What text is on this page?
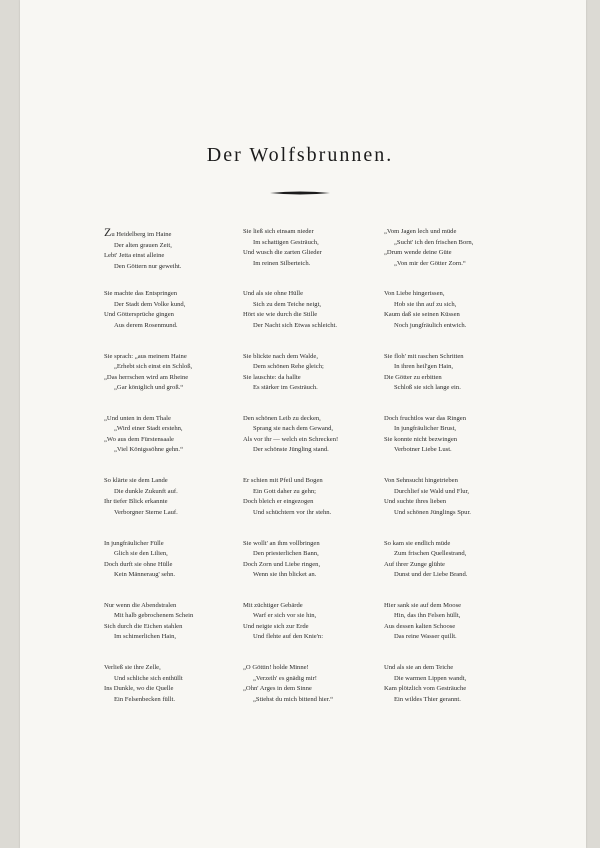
Der Wolfsbrunnen.
Zu Heidelberg im Haine
Der alten grauen Zeit,
Lebt' Jetta einst alleine
Den Göttern nur geweiht.
Sie machte das Entspringen
Der Stadt dem Volke kund,
Und Göttersprüche gingen
Aus derem Rosenmund.
Sie sprach: „aus meinem Haine
„Erhebt sich einst ein Schloß,
„Das herrschen wird am Rheine
„Gar königlich und groß.“
„Und unten in dem Thale
„Wird einer Stadt erstehn,
„Wo aus dem Fürstensaale
„Viel Königssöhne gehn.“
So klärte sie dem Lande
Die dunkle Zukunft auf.
Ihr tiefer Blick erkannte
Verborgner Sterne Lauf.
In jungfräulicher Fülle
Glich sie den Lilien,
Doch durft sie ohne Hülle
Kein Männeraug' sehn.
Nur wenn die Abendstralen
Mit halb gebrochenem Schein
Sich durch die Eichen stahlen
Im schimerlichen Hain,
Verließ sie ihre Zelle,
Und schliche sich enthüllt
Ins Dunkle, wo die Quelle
Ein Felsenbecken füllt.
Sie ließ sich einsam nieder
Im schattigen Gesträuch,
Und wusch die zarten Glieder
Im reinen Silberteich.
Und als sie ohne Hülle
Sich zu dem Teiche neigt,
Hört sie wie durch die Stille
Der Nacht sich Etwas schleicht.
Sie blickte nach dem Walde,
Dem schönen Rehe gleich;
Sie lauschte: da hallte
Es stärker im Gesträuch.
Den schönen Leib zu decken,
Sprang sie nach dem Gewand,
Als vor ihr — welch ein Schrecken!
Der schönste Jüngling stand.
Er schien mit Pfeil und Bogen
Ein Gott daher zu gehn;
Doch bleich er eingezogen
Und schüchtern vor ihr stehn.
Sie wollt' an ihm vollbringen
Den priesterlichen Bann,
Doch Zorn und Liebe ringen,
Wenn sie ihn blicket an.
Mit züchtiger Gebärde
Warf er sich vor sie hin,
Und neigte sich zur Erde
Und flehte auf den Knie'n:
„O Göttin! holde Minne!
„Verzeih' es gnädig mir!
„Ohn' Arges in dem Sinne
„Stiehst du mich bittend hier.“
„Vom Jagen lech und müde
„Sucht' ich den frischen Born,
„Drum wende deine Güte
„Von mir der Götter Zorn.“
Von Liebe hingerissen,
Hob sie ihn auf zu sich,
Kaum daß sie seinen Küssen
Noch jungfräulich entwich.
Sie floh' mit raschen Schritten
In ihren heil'gen Hain,
Die Götter zu erbitten
Schloß sie sich lange ein.
Doch fruchtlos war das Ringen
In jungfräulicher Brust,
Sie konnte nicht bezwingen
Verbotner Liebe Lust.
Von Sehnsucht hingetrieben
Durchlief sie Wald und Flur,
Und suchte ihres lieben
Und schönen Jünglings Spur.
So kam sie endlich müde
Zum frischen Quellestrand,
Auf ihrer Zunge glühte
Dunst und der Liebe Brand.
Hier sank sie auf dem Moose
Hin, das ihn Felsen hüllt,
Aus dessen kalten Schoose
Das reine Wasser quillt.
Und als sie an dem Teiche
Die warmen Lippen wandt,
Kam plötzlich vom Gesträuche
Ein wildes Thier gerannt.
